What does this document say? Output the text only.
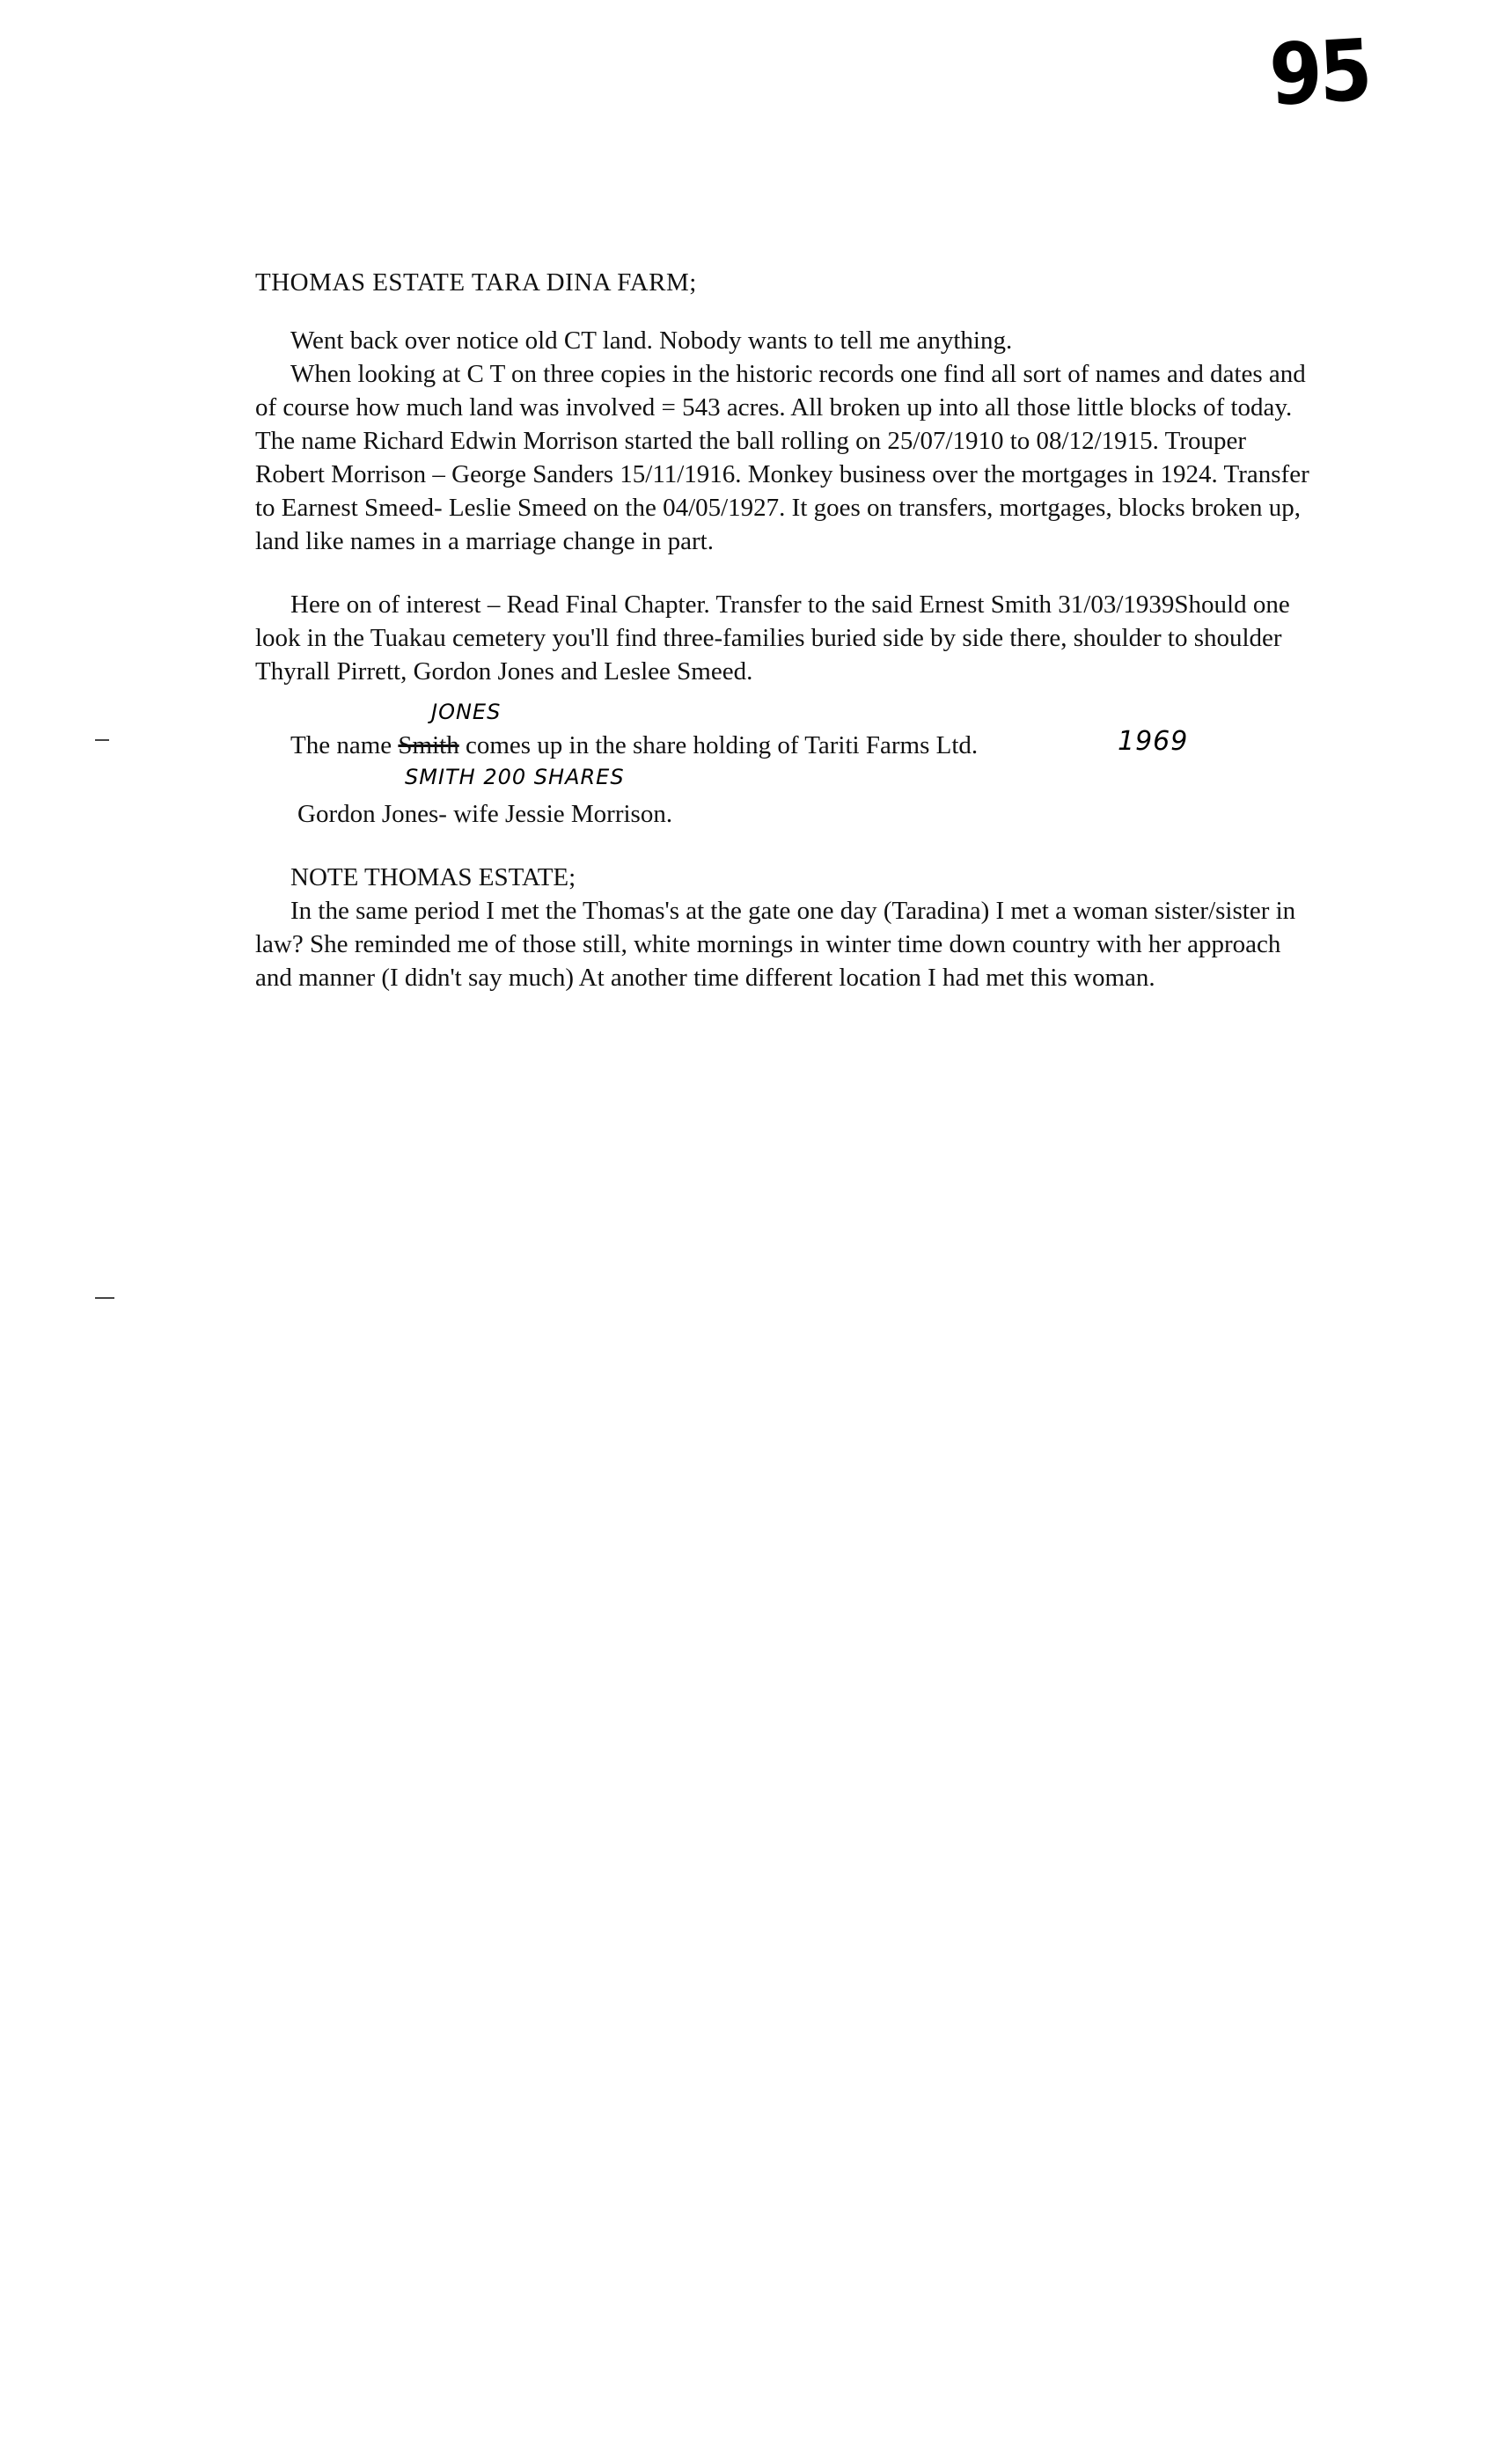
95

THOMAS ESTATE TARA DINA FARM;

Went back over notice old CT land. Nobody wants to tell me anything.

When looking at C T on three copies in the historic records one find all sort of names and dates and of course how much land was involved = 543 acres. All broken up into all those little blocks of today. The name Richard Edwin Morrison started the ball rolling on 25/07/1910 to 08/12/1915. Trouper Robert Morrison – George Sanders 15/11/1916. Monkey business over the mortgages in 1924. Transfer to Earnest Smeed- Leslie Smeed on the 04/05/1927. It goes on transfers, mortgages, blocks broken up, land like names in a marriage change in part.

Here on of interest – Read Final Chapter. Transfer to the said Ernest Smith 31/03/1939Should one look in the Tuakau cemetery you'll find three-families buried side by side there, shoulder to shoulder Thyrall Pirrett, Gordon Jones and Leslee Smeed.

JONES
The name Smith comes up in the share holding of Tariti Farms Ltd.	1969
SMITH 200 SHARES

Gordon Jones- wife Jessie Morrison.

NOTE THOMAS ESTATE;

In the same period I met the Thomas's at the gate one day (Taradina) I met a woman sister/sister in law? She reminded me of those still, white mornings in winter time down country with her approach and manner (I didn't say much) At another time different location I had met this woman.
